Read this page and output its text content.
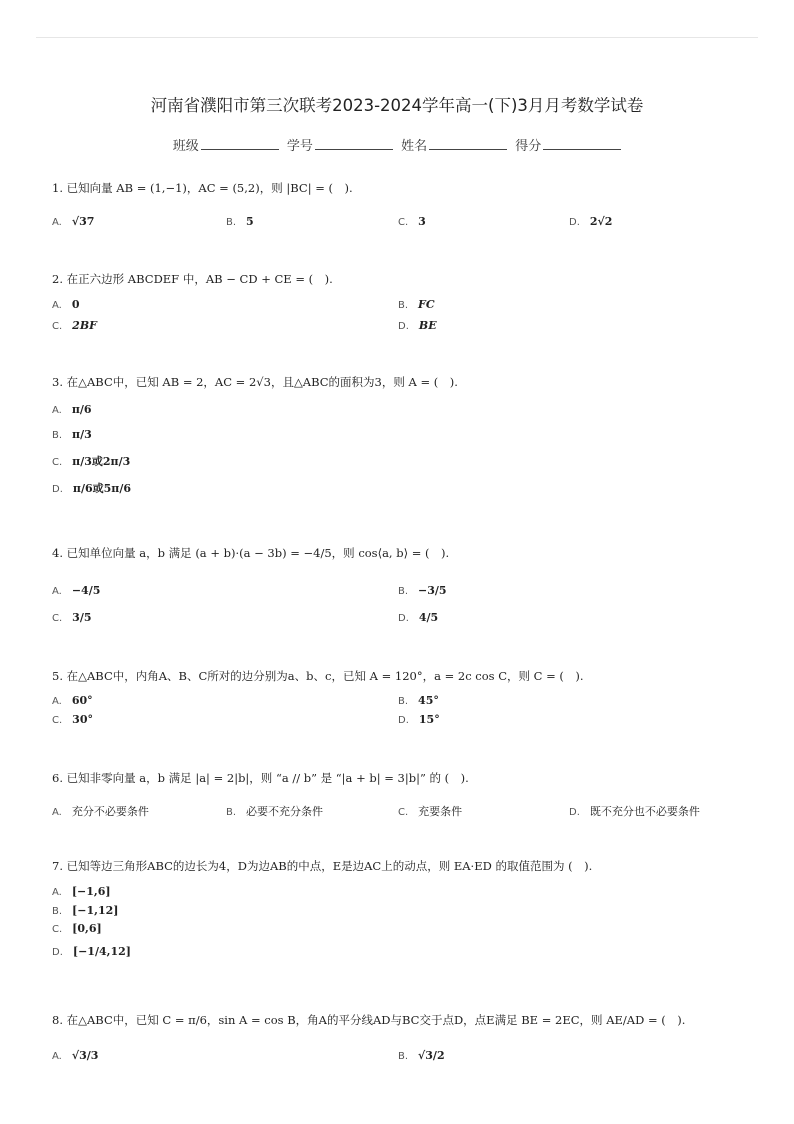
河南省濮阳市第三次联考2023-2024学年高一(下)3月月考数学试卷
班级	学号	姓名	得分
1. 已知向量 AB = (1,−1)，AC = (5,2)，则 |BC| = (　).
A. √37	B. 5	C. 3	D. 2√2
2. 在正六边形 ABCDEF 中，AB − CD + CE = (　).
A. 0	B. FC
C. 2BF	D. BE
3. 在△ABC中，已知 AB = 2，AC = 2√3，且△ABC的面积为3，则 A = (　).
A. π/6
B. π/3
C. π/3或2π/3
D. π/6或5π/6
4. 已知单位向量 a，b 满足 (a + b)·(a − 3b) = −4/5，则 cos⟨a, b⟩ = (　).
A. −4/5	B. −3/5
C. 3/5	D. 4/5
5. 在△ABC中，内角A、B、C所对的边分别为a、b、c，已知 A = 120°，a = 2c cos C，则 C = (　).
A. 60°	B. 45°
C. 30°	D. 15°
6. 已知非零向量 a，b 满足 |a| = 2|b|，则 “a // b” 是 “|a + b| = 3|b|” 的 (　).
A. 充分不必要条件	B. 必要不充分条件	C. 充要条件	D. 既不充分也不必要条件
7. 已知等边三角形ABC的边长为4，D为边AB的中点，E是边AC上的动点，则 EA·ED 的取值范围为 (　).
A. [−1,6]
B. [−1,12]
C. [0,6]
D. [−1/4,12]
8. 在△ABC中，已知 C = π/6，sin A = cos B，角A的平分线AD与BC交于点D，点E满足 BE = 2EC，则 AE/AD = (　).
A. √3/3	B. √3/2
